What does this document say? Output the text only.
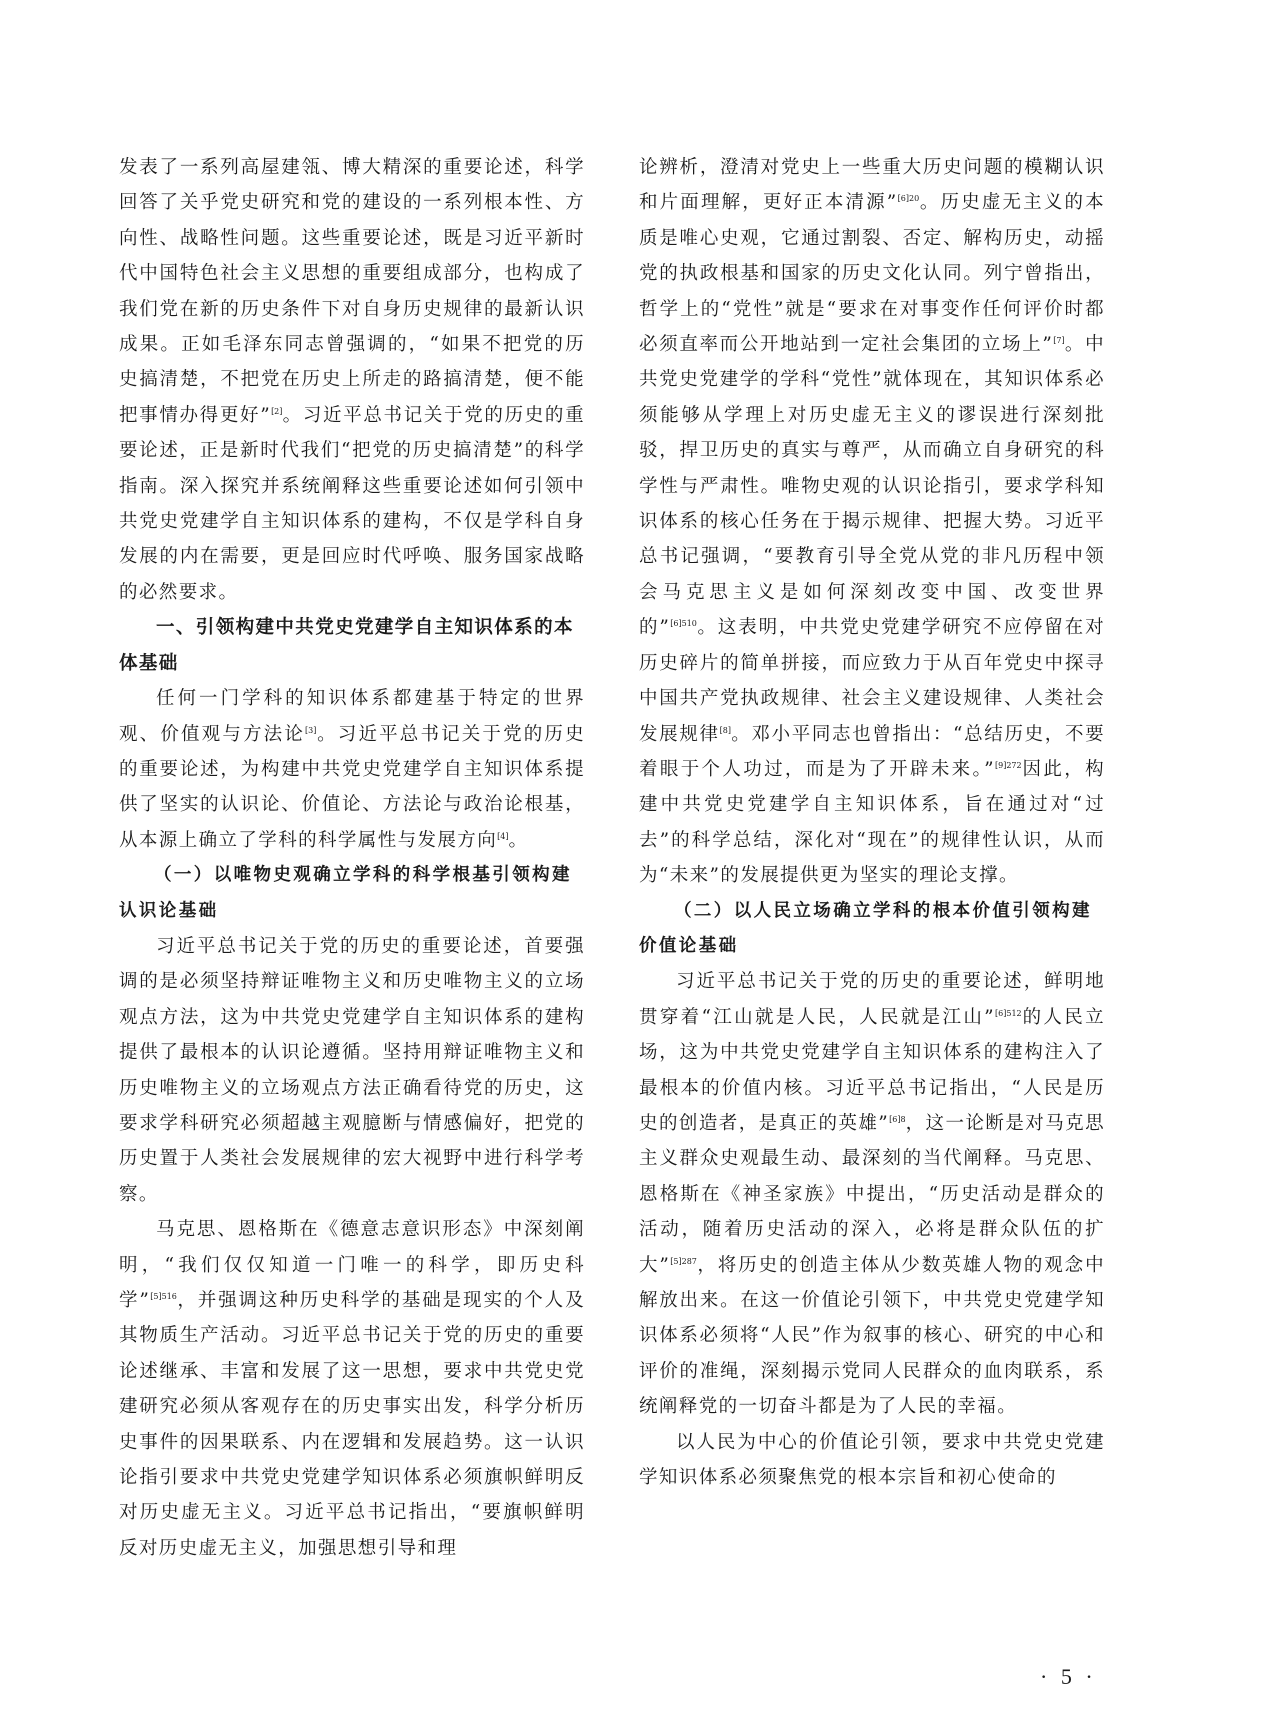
发表了一系列高屋建瓴、博大精深的重要论述，科学回答了关乎党史研究和党的建设的一系列根本性、方向性、战略性问题。这些重要论述，既是习近平新时代中国特色社会主义思想的重要组成部分，也构成了我们党在新的历史条件下对自身历史规律的最新认识成果。正如毛泽东同志曾强调的，“如果不把党的历史搞清楚，不把党在历史上所走的路搞清楚，便不能把事情办得更好”[2]。习近平总书记关于党的历史的重要论述，正是新时代我们“把党的历史搞清楚”的科学指南。深入探究并系统阐释这些重要论述如何引领中共党史党建学自主知识体系的建构，不仅是学科自身发展的内在需要，更是回应时代呼唤、服务国家战略的必然要求。

一、引领构建中共党史党建学自主知识体系的本体基础

任何一门学科的知识体系都建基于特定的世界观、价值观与方法论[3]。习近平总书记关于党的历史的重要论述，为构建中共党史党建学自主知识体系提供了坚实的认识论、价值论、方法论与政治论根基，从本源上确立了学科的科学属性与发展方向[4]。

（一）以唯物史观确立学科的科学根基引领构建认识论基础

习近平总书记关于党的历史的重要论述，首要强调的是必须坚持辩证唯物主义和历史唯物主义的立场观点方法，这为中共党史党建学自主知识体系的建构提供了最根本的认识论遵循。坚持用辩证唯物主义和历史唯物主义的立场观点方法正确看待党的历史，这要求学科研究必须超越主观臆断与情感偏好，把党的历史置于人类社会发展规律的宏大视野中进行科学考察。

马克思、恩格斯在《德意志意识形态》中深刻阐明，“我们仅仅知道一门唯一的科学，即历史科学”$^{[5]516}$，并强调这种历史科学的基础是现实的个人及其物质生产活动。习近平总书记关于党的历史的重要论述继承、丰富和发展了这一思想，要求中共党史党建研究必须从客观存在的历史事实出发，科学分析历史事件的因果联系、内在逻辑和发展趋势。这一认识论指引要求中共党史党建学知识体系必须旗帜鲜明反对历史虚无主义。习近平总书记指出，“要旗帜鲜明反对历史虚无主义，加强思想引导和理

论辨析，澄清对党史上一些重大历史问题的模糊认识和片面理解，更好正本清源”$^{[6]20}$。历史虚无主义的本质是唯心史观，它通过割裂、否定、解构历史，动摇党的执政根基和国家的历史文化认同。列宁曾指出，哲学上的“党性”就是“要求在对事变作任何评价时都必须直率而公开地站到一定社会集团的立场上”[7]。中共党史党建学的学科“党性”就体现在，其知识体系必须能够从学理上对历史虚无主义的谬误进行深刻批驳，捍卫历史的真实与尊严，从而确立自身研究的科学性与严肃性。唯物史观的认识论指引，要求学科知识体系的核心任务在于揭示规律、把握大势。习近平总书记强调，“要教育引导全党从党的非凡历程中领会马克思主义是如何深刻改变中国、改变世界的”$^{[6]510}$。这表明，中共党史党建学研究不应停留在对历史碎片的简单拼接，而应致力于从百年党史中探寻中国共产党执政规律、社会主义建设规律、人类社会发展规律[8]。邓小平同志也曾指出：“总结历史，不要着眼于个人功过，而是为了开辟未来。”$^{[9]272}$因此，构建中共党史党建学自主知识体系，旨在通过对“过去”的科学总结，深化对“现在”的规律性认识，从而为“未来”的发展提供更为坚实的理论支撑。

（二）以人民立场确立学科的根本价值引领构建价值论基础

习近平总书记关于党的历史的重要论述，鲜明地贯穿着“江山就是人民，人民就是江山”$^{[6]512}$的人民立场，这为中共党史党建学自主知识体系的建构注入了最根本的价值内核。习近平总书记指出，“人民是历史的创造者，是真正的英雄”$^{[6]8}$，这一论断是对马克思主义群众史观最生动、最深刻的当代阐释。马克思、恩格斯在《神圣家族》中提出，“历史活动是群众的活动，随着历史活动的深入，必将是群众队伍的扩大”$^{[5]287}$，将历史的创造主体从少数英雄人物的观念中解放出来。在这一价值论引领下，中共党史党建学知识体系必须将“人民”作为叙事的核心、研究的中心和评价的准绳，深刻揭示党同人民群众的血肉联系，系统阐释党的一切奋斗都是为了人民的幸福。

以人民为中心的价值论引领，要求中共党史党建学知识体系必须聚焦党的根本宗旨和初心使命的

· 5 ·
